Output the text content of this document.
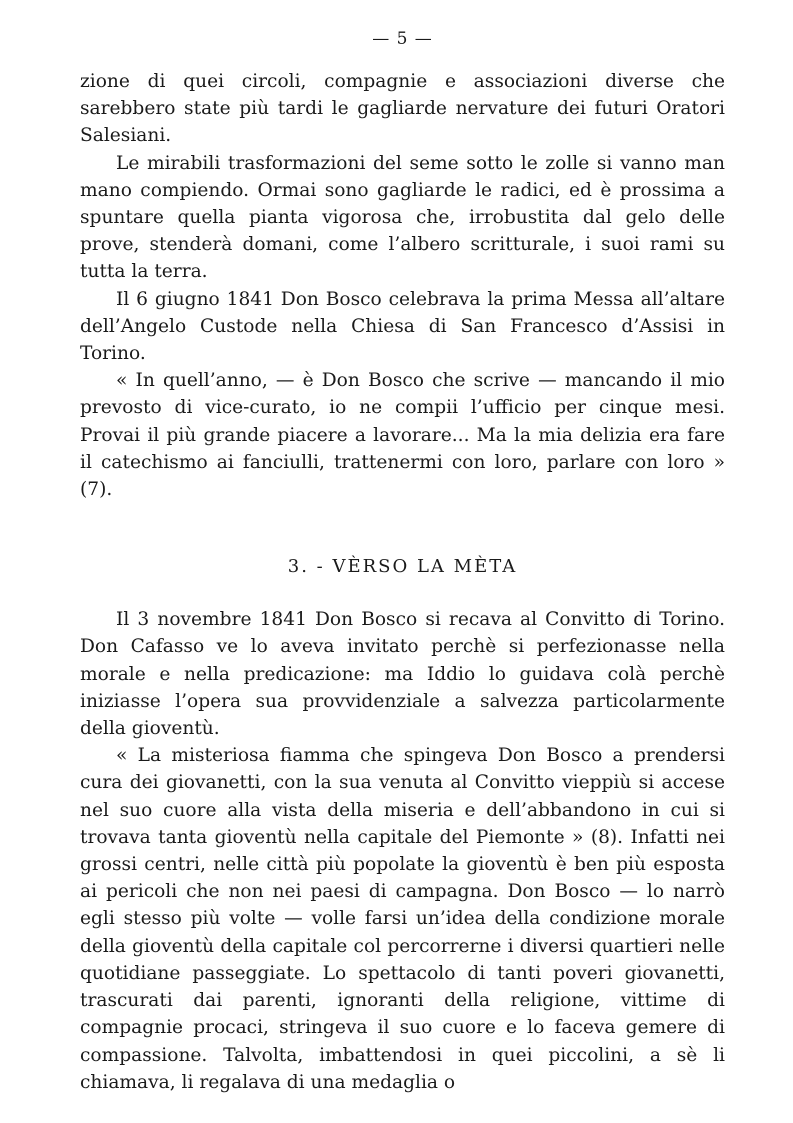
— 5 —

zione di quei circoli, compagnie e associazioni diverse che sarebbero state più tardi le gagliarde nervature dei futuri Oratori Salesiani.

Le mirabili trasformazioni del seme sotto le zolle si vanno man mano compiendo. Ormai sono gagliarde le radici, ed è prossima a spuntare quella pianta vigorosa che, irrobustita dal gelo delle prove, stenderà domani, come l’albero scritturale, i suoi rami su tutta la terra.

Il 6 giugno 1841 Don Bosco celebrava la prima Messa all’altare dell’Angelo Custode nella Chiesa di San Francesco d’Assisi in Torino.

« In quell’anno, — è Don Bosco che scrive — mancando il mio prevosto di vice-curato, io ne compii l’ufficio per cinque mesi. Provai il più grande piacere a lavorare... Ma la mia delizia era fare il catechismo ai fanciulli, trattenermi con loro, parlare con loro » (7).

3. - VÈRSO LA MÈTA

Il 3 novembre 1841 Don Bosco si recava al Convitto di Torino. Don Cafasso ve lo aveva invitato perchè si perfezionasse nella morale e nella predicazione: ma Iddio lo guidava colà perchè iniziasse l’opera sua provvidenziale a salvezza particolarmente della gioventù.

« La misteriosa fiamma che spingeva Don Bosco a prendersi cura dei giovanetti, con la sua venuta al Convitto vieppiù si accese nel suo cuore alla vista della miseria e dell’abbandono in cui si trovava tanta gioventù nella capitale del Piemonte » (8). Infatti nei grossi centri, nelle città più popolate la gioventù è ben più esposta ai pericoli che non nei paesi di campagna. Don Bosco — lo narrò egli stesso più volte — volle farsi un’idea della condizione morale della gioventù della capitale col percorrerne i diversi quartieri nelle quotidiane passeggiate. Lo spettacolo di tanti poveri giovanetti, trascurati dai parenti, ignoranti della religione, vittime di compagnie procaci, stringeva il suo cuore e lo faceva gemere di compassione. Talvolta, imbattendosi in quei piccolini, a sè li chiamava, li regalava di una medaglia o
